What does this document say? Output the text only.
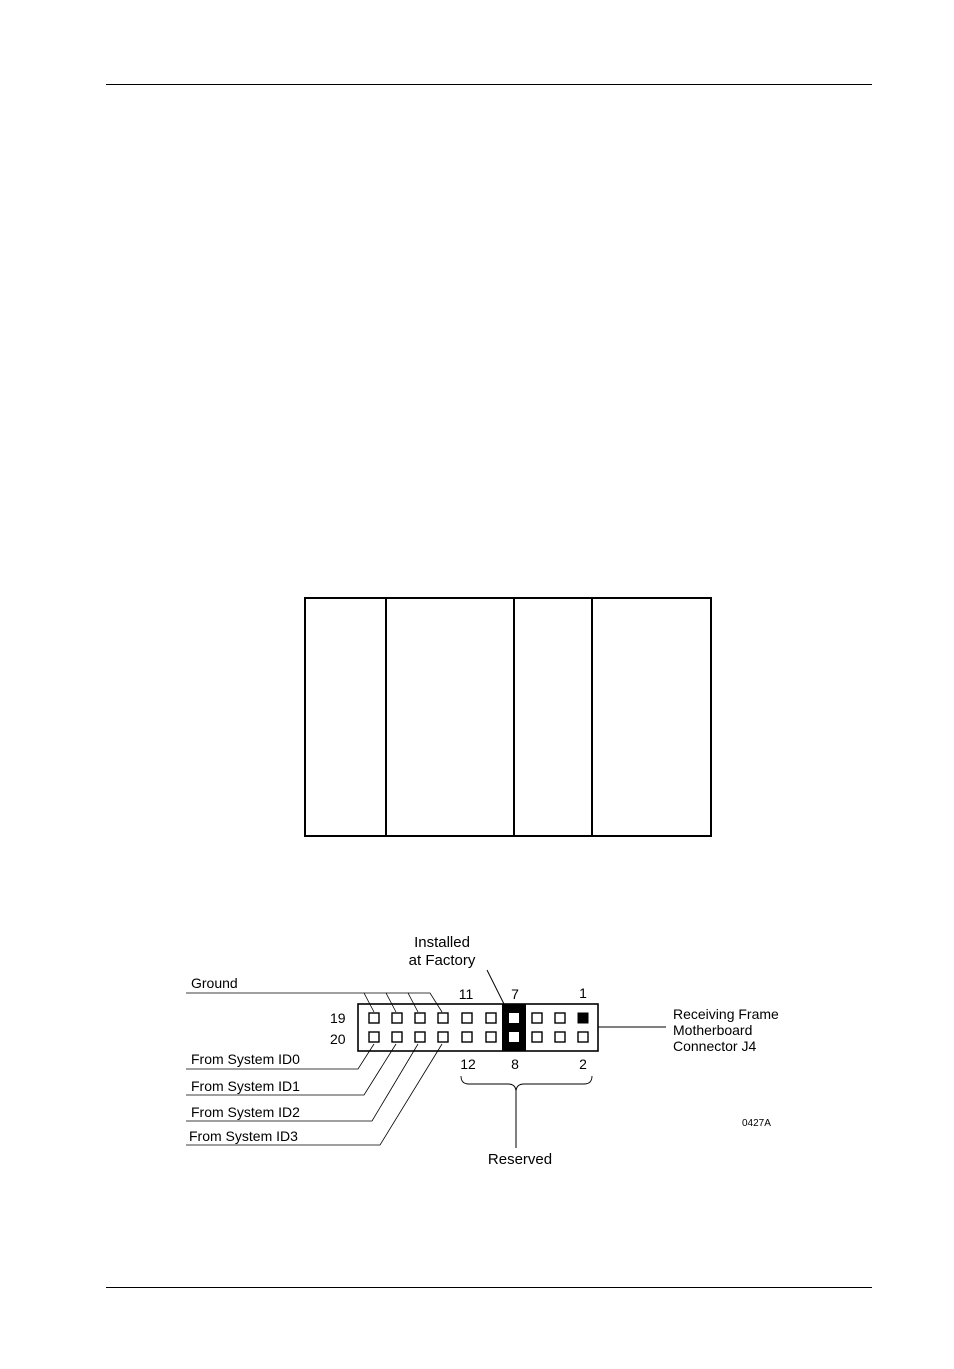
Installed
at Factory
Ground
19
20
11	7	1
12	8	2
From System ID0
From System ID1
From System ID2
From System ID3
Reserved
Receiving Frame
Motherboard
Connector J4
0427A
